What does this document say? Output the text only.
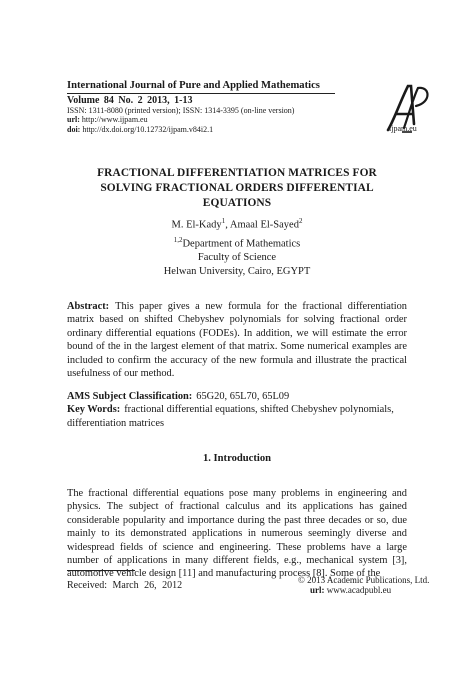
International Journal of Pure and Applied Mathematics
Volume 84 No. 2 2013, 1-13
ISSN: 1311-8080 (printed version); ISSN: 1314-3395 (on-line version)
url: http://www.ijpam.eu
doi: http://dx.doi.org/10.12732/ijpam.v84i2.1	ijpam.eu
FRACTIONAL DIFFERENTIATION MATRICES FOR
SOLVING FRACTIONAL ORDERS DIFFERENTIAL
EQUATIONS
M. El-Kady$^1$, Amaal El-Sayed$^2$
$^{1,2}$Department of Mathematics
Faculty of Science
Helwan University, Cairo, EGYPT
Abstract: This paper gives a new formula for the fractional differentiation matrix based on shifted Chebyshev polynomials for solving fractional order ordinary differential equations (FODEs). In addition, we will estimate the error bound of the in the largest element of that matrix. Some numerical examples are included to confirm the accuracy of the new formula and illustrate the practical usefulness of our method.
AMS Subject Classification: 65G20, 65L70, 65L09
Key Words: fractional differential equations, shifted Chebyshev polynomials, differentiation matrices
1. Introduction
The fractional differential equations pose many problems in engineering and physics. The subject of fractional calculus and its applications has gained considerable popularity and importance during the past three decades or so, due mainly to its demonstrated applications in numerous seemingly diverse and widespread fields of science and engineering. These problems have a large number of applications in many different fields, e.g., mechanical system [3], automotive vehicle design [11] and manufacturing process [8]. Some of the
Received: March 26, 2012	© 2013 Academic Publications, Ltd.
url: www.acadpubl.eu
